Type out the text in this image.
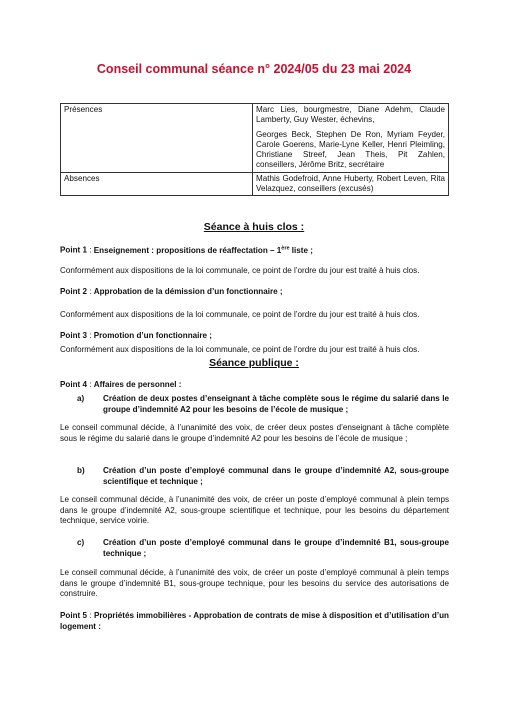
Conseil communal séance n° 2024/05 du 23 mai 2024
Présences	Marc Lies, bourgmestre, Diane Adehm, Claude Lamberty, Guy Wester, échevins,

Georges Beck, Stephen De Ron, Myriam Feyder, Carole Goerens, Marie-Lyne Keller, Henri Pleimling, Christiane Streef, Jean Theis, Pit Zahlen, conseillers, Jérôme Britz, secrétaire

Absences	Mathis Godefroid, Anne Huberty, Robert Leven, Rita Velazquez, conseillers (excusés)
Séance à huis clos :
Point 1 : Enseignement : propositions de réaffectation – 1ère liste ;
Conformément aux dispositions de la loi communale, ce point de l’ordre du jour est traité à huis clos.
Point 2 : Approbation de la démission d’un fonctionnaire ;
Conformément aux dispositions de la loi communale, ce point de l’ordre du jour est traité à huis clos.
Point 3 : Promotion d’un fonctionnaire ;
Conformément aux dispositions de la loi communale, ce point de l’ordre du jour est traité à huis clos.
Séance publique :
Point 4 : Affaires de personnel :
a) Création de deux postes d’enseignant à tâche complète sous le régime du salarié dans le groupe d’indemnité A2 pour les besoins de l’école de musique ;
Le conseil communal décide, à l’unanimité des voix, de créer deux postes d’enseignant à tâche complète sous le régime du salarié dans le groupe d’indemnité A2 pour les besoins de l’école de musique ;
b) Création d’un poste d’employé communal dans le groupe d’indemnité A2, sous-groupe scientifique et technique ;
Le conseil communal décide, à l’unanimité des voix, de créer un poste d’employé communal à plein temps dans le groupe d’indemnité A2, sous-groupe scientifique et technique, pour les besoins du département technique, service voirie.
c) Création d’un poste d’employé communal dans le groupe d’indemnité B1, sous-groupe technique ;
Le conseil communal décide, à l’unanimité des voix, de créer un poste d’employé communal à plein temps dans le groupe d’indemnité B1, sous-groupe technique, pour les besoins du service des autorisations de construire.
Point 5 : Propriétés immobilières - Approbation de contrats de mise à disposition et d’utilisation d’un logement :
